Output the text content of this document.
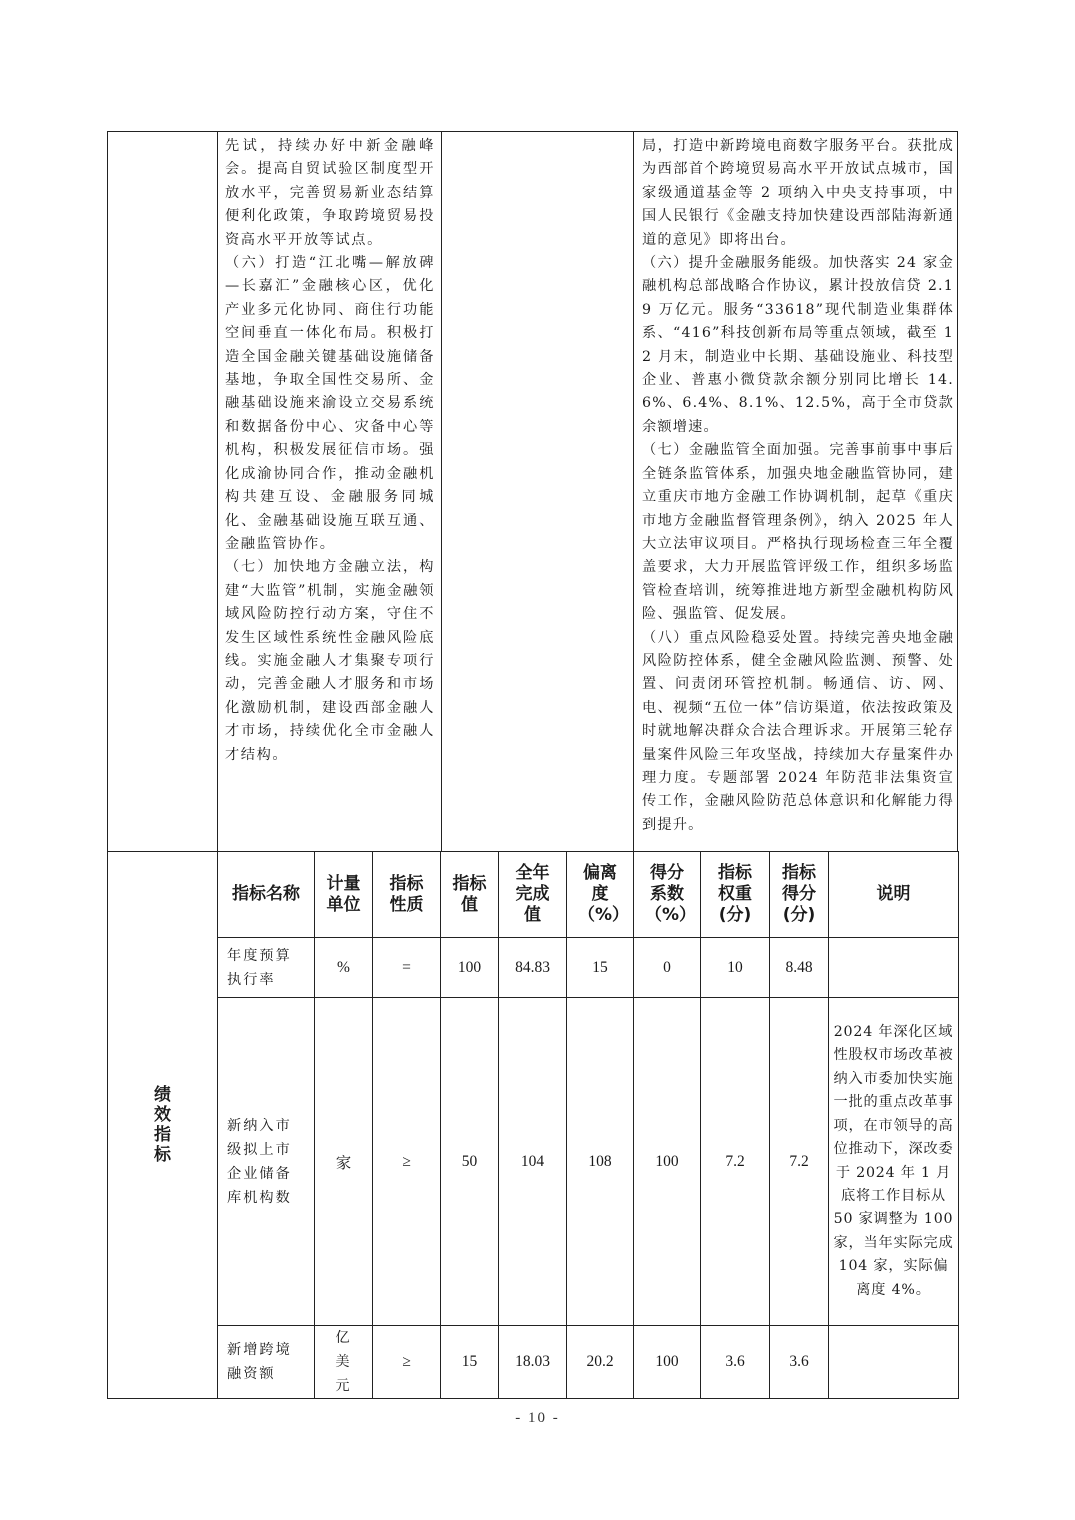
先试，持续办好中新金融峰会。提高自贸试验区制度型开放水平，完善贸易新业态结算便利化政策，争取跨境贸易投资高水平开放等试点。

（六）打造“江北嘴—解放碑—长嘉汇”金融核心区，优化产业多元化协同、商住行功能空间垂直一体化布局。积极打造全国金融关键基础设施储备基地，争取全国性交易所、金融基础设施来渝设立交易系统和数据备份中心、灾备中心等机构，积极发展征信市场。强化成渝协同合作，推动金融机构共建互设、金融服务同城化、金融基础设施互联互通、金融监管协作。

（七）加快地方金融立法，构建“大监管”机制，实施金融领域风险防控行动方案，守住不发生区域性系统性金融风险底线。实施金融人才集聚专项行动，完善金融人才服务和市场化激励机制，建设西部金融人才市场，持续优化全市金融人才结构。

局，打造中新跨境电商数字服务平台。获批成为西部首个跨境贸易高水平开放试点城市，国家级通道基金等 2 项纳入中央支持事项，中国人民银行《金融支持加快建设西部陆海新通道的意见》即将出台。

（六）提升金融服务能级。加快落实 24 家金融机构总部战略合作协议，累计投放信贷 2.19 万亿元。服务“33618”现代制造业集群体系、“416”科技创新布局等重点领域，截至 12 月末，制造业中长期、基础设施业、科技型企业、普惠小微贷款余额分别同比增长 14.6%、6.4%、8.1%、12.5%，高于全市贷款余额增速。

（七）金融监管全面加强。完善事前事中事后全链条监管体系，加强央地金融监管协同，建立重庆市地方金融工作协调机制，起草《重庆市地方金融监督管理条例》，纳入 2025 年人大立法审议项目。严格执行现场检查三年全覆盖要求，大力开展监管评级工作，组织多场监管检查培训，统筹推进地方新型金融机构防风险、强监管、促发展。

（八）重点风险稳妥处置。持续完善央地金融风险防控体系，健全金融风险监测、预警、处置、问责闭环管控机制。畅通信、访、网、电、视频“五位一体”信访渠道，依法按政策及时就地解决群众合法合理诉求。开展第三轮存量案件风险三年攻坚战，持续加大存量案件办理力度。专题部署 2024 年防范非法集资宣传工作，金融风险防范总体意识和化解能力得到提升。

绩效指标	指标名称	计量单位	指标性质	指标值	全年完成值	偏离度（%）	得分系数（%）	指标权重(分)	指标得分(分)	说明

	年度预算执行率	%	=	100	84.83	15	0	10	8.48	

	新纳入市级拟上市企业储备库机构数	家	≥	50	104	108	100	7.2	7.2	2024 年深化区域性股权市场改革被纳入市委加快实施一批的重点改革事项，在市领导的高位推动下，深改委于 2024 年 1 月底将工作目标从 50 家调整为 100 家，当年实际完成 104 家，实际偏离度 4%。

	新增跨境融资额	亿美元	≥	15	18.03	20.2	100	3.6	3.6	
- 10 -
